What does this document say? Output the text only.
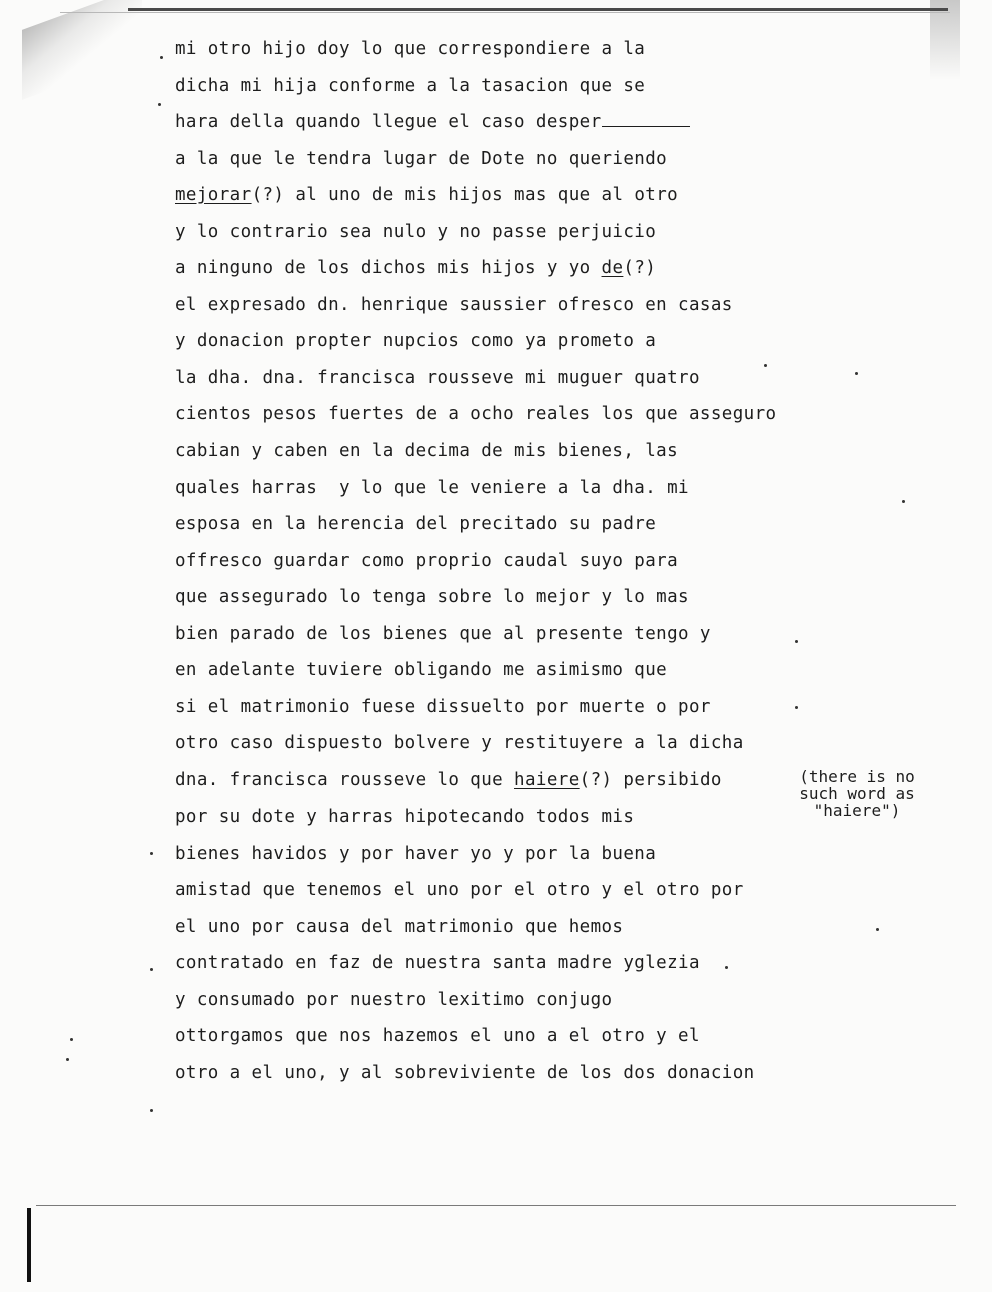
mi otro hijo doy lo que correspondiere a la
dicha mi hija conforme a la tasacion que se
hara della quando llegue el caso desper
a la que le tendra lugar de Dote no queriendo
mejorar(?) al uno de mis hijos mas que al otro
y lo contrario sea nulo y no passe perjuicio
a ninguno de los dichos mis hijos y yo de(?)
el expresado dn. henrique saussier ofresco en casas
y donacion propter nupcios como ya prometo a
la dha. dna. francisca rousseve mi muguer quatro
cientos pesos fuertes de a ocho reales los que asseguro
cabian y caben en la decima de mis bienes, las
quales harras  y lo que le veniere a la dha. mi
esposa en la herencia del precitado su padre
offresco guardar como proprio caudal suyo para
que assegurado lo tenga sobre lo mejor y lo mas
bien parado de los bienes que al presente tengo y
en adelante tuviere obligando me asimismo que
si el matrimonio fuese dissuelto por muerte o por
otro caso dispuesto bolvere y restituyere a la dicha
dna. francisca rousseve lo que haiere(?) persibido
por su dote y harras hipotecando todos mis
bienes havidos y por haver yo y por la buena
amistad que tenemos el uno por el otro y el otro por
el uno por causa del matrimonio que hemos
contratado en faz de nuestra santa madre yglezia
y consumado por nuestro lexitimo conjugo
ottorgamos que nos hazemos el uno a el otro y el
otro a el uno, y al sobreviviente de los dos donacion
(there is no
such word as
"haiere")
